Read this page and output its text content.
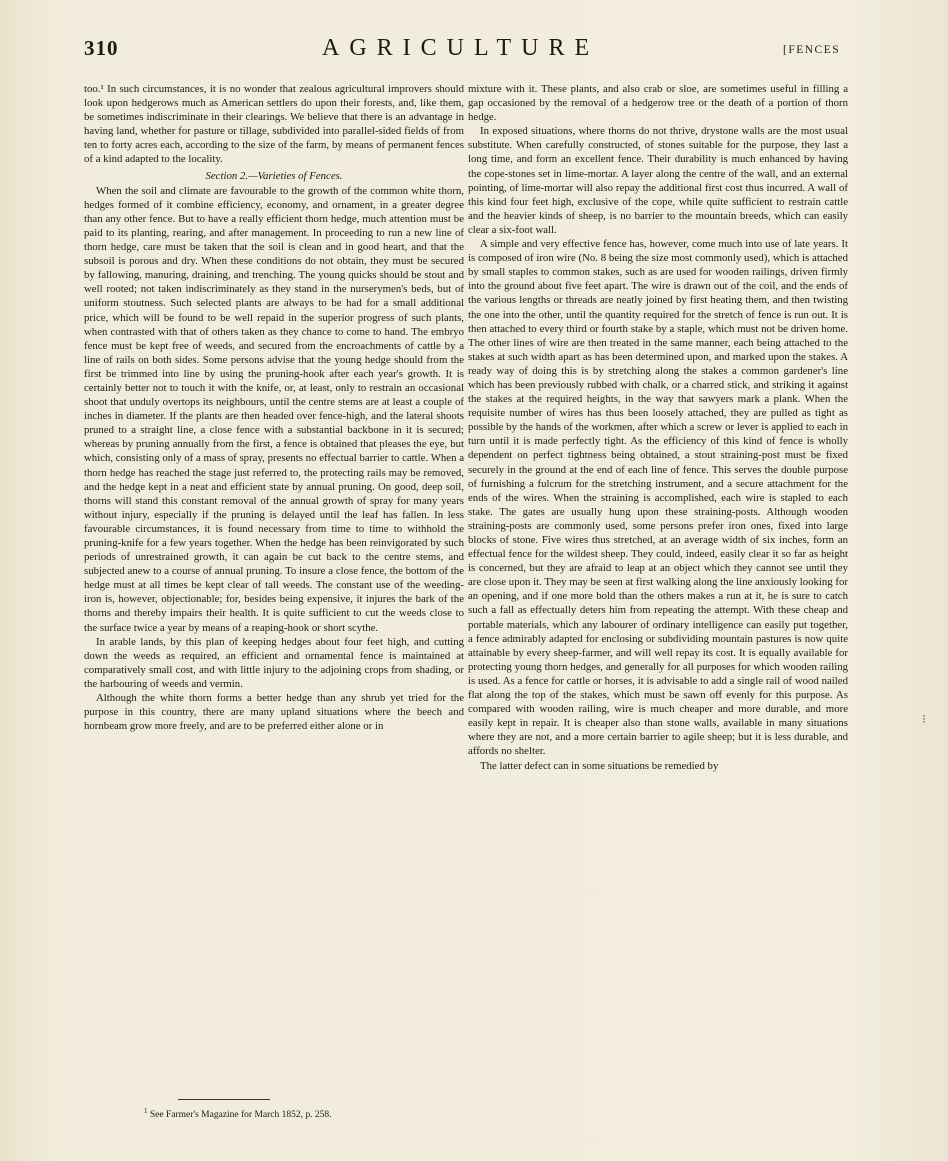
310	AGRICULTURE	[FENCES

too.¹ In such circumstances, it is no wonder that zealous agricultural improvers should look upon hedgerows much as American settlers do upon their forests, and, like them, be sometimes indiscriminate in their clearings. We believe that there is an advantage in having land, whether for pasture or tillage, subdivided into parallel-sided fields of from ten to forty acres each, according to the size of the farm, by means of permanent fences of a kind adapted to the locality.

Section 2.—Varieties of Fences.

When the soil and climate are favourable to the growth of the common white thorn, hedges formed of it combine efficiency, economy, and ornament, in a greater degree than any other fence. But to have a really efficient thorn hedge, much attention must be paid to its planting, rearing, and after management. In proceeding to run a new line of thorn hedge, care must be taken that the soil is clean and in good heart, and that the subsoil is porous and dry. When these conditions do not obtain, they must be secured by fallowing, manuring, draining, and trenching. The young quicks should be stout and well rooted; not taken indiscriminately as they stand in the nurserymen's beds, but of uniform stoutness. Such selected plants are always to be had for a small additional price, which will be found to be well repaid in the superior progress of such plants, when contrasted with that of others taken as they chance to come to hand. The embryo fence must be kept free of weeds, and secured from the encroachments of cattle by a line of rails on both sides. Some persons advise that the young hedge should from the first be trimmed into line by using the pruning-hook after each year's growth. It is certainly better not to touch it with the knife, or, at least, only to restrain an occasional shoot that unduly overtops its neighbours, until the centre stems are at least a couple of inches in diameter. If the plants are then headed over fence-high, and the lateral shoots pruned to a straight line, a close fence with a substantial backbone in it is secured; whereas by pruning annually from the first, a fence is obtained that pleases the eye, but which, consisting only of a mass of spray, presents no effectual barrier to cattle. When a thorn hedge has reached the stage just referred to, the protecting rails may be removed, and the hedge kept in a neat and efficient state by annual pruning. On good, deep soil, thorns will stand this constant removal of the annual growth of spray for many years without injury, especially if the pruning is delayed until the leaf has fallen. In less favourable circumstances, it is found necessary from time to time to withhold the pruning-knife for a few years together. When the hedge has been reinvigorated by such periods of unrestrained growth, it can again be cut back to the centre stems, and subjected anew to a course of annual pruning. To insure a close fence, the bottom of the hedge must at all times be kept clear of tall weeds. The constant use of the weeding-iron is, however, objectionable; for, besides being expensive, it injures the bark of the thorns and thereby impairs their health. It is quite sufficient to cut the weeds close to the surface twice a year by means of a reaping-hook or short scythe.

In arable lands, by this plan of keeping hedges about four feet high, and cutting down the weeds as required, an efficient and ornamental fence is maintained at comparatively small cost, and with little injury to the adjoining crops from shading, or the harbouring of weeds and vermin.

Although the white thorn forms a better hedge than any shrub yet tried for the purpose in this country, there are many upland situations where the beech and hornbeam grow more freely, and are to be preferred either alone or in

mixture with it. These plants, and also crab or sloe, are sometimes useful in filling a gap occasioned by the removal of a hedgerow tree or the death of a portion of thorn hedge.

In exposed situations, where thorns do not thrive, drystone walls are the most usual substitute. When carefully constructed, of stones suitable for the purpose, they last a long time, and form an excellent fence. Their durability is much enhanced by having the cope-stones set in lime-mortar. A layer along the centre of the wall, and an external pointing, of lime-mortar will also repay the additional first cost thus incurred. A wall of this kind four feet high, exclusive of the cope, while quite sufficient to restrain cattle and the heavier kinds of sheep, is no barrier to the mountain breeds, which can easily clear a six-foot wall.

A simple and very effective fence has, however, come much into use of late years. It is composed of iron wire (No. 8 being the size most commonly used), which is attached by small staples to common stakes, such as are used for wooden railings, driven firmly into the ground about five feet apart. The wire is drawn out of the coil, and the ends of the various lengths or threads are neatly joined by first heating them, and then twisting the one into the other, until the quantity required for the stretch of fence is run out. It is then attached to every third or fourth stake by a staple, which must not be driven home. The other lines of wire are then treated in the same manner, each being attached to the stakes at such width apart as has been determined upon, and marked upon the stakes. A ready way of doing this is by stretching along the stakes a common gardener's line which has been previously rubbed with chalk, or a charred stick, and striking it against the stakes at the required heights, in the way that sawyers mark a plank. When the requisite number of wires has thus been loosely attached, they are pulled as tight as possible by the hands of the workmen, after which a screw or lever is applied to each in turn until it is made perfectly tight. As the efficiency of this kind of fence is wholly dependent on perfect tightness being obtained, a stout straining-post must be fixed securely in the ground at the end of each line of fence. This serves the double purpose of furnishing a fulcrum for the stretching instrument, and a secure attachment for the ends of the wires. When the straining is accomplished, each wire is stapled to each stake. The gates are usually hung upon these straining-posts. Although wooden straining-posts are commonly used, some persons prefer iron ones, fixed into large blocks of stone. Five wires thus stretched, at an average width of six inches, form an effectual fence for the wildest sheep. They could, indeed, easily clear it so far as height is concerned, but they are afraid to leap at an object which they cannot see until they are close upon it. They may be seen at first walking along the line anxiously looking for an opening, and if one more bold than the others makes a run at it, he is sure to catch such a fall as effectually deters him from repeating the attempt. With these cheap and portable materials, which any labourer of ordinary intelligence can easily put together, a fence admirably adapted for enclosing or subdividing mountain pastures is now quite attainable by every sheep-farmer, and will well repay its cost. It is equally available for protecting young thorn hedges, and generally for all purposes for which wooden railing is used. As a fence for cattle or horses, it is advisable to add a single rail of wood nailed flat along the top of the stakes, which must be sawn off evenly for this purpose. As compared with wooden railing, wire is much cheaper and more durable, and more easily kept in repair. It is cheaper also than stone walls, available in many situations where they are not, and a more certain barrier to agile sheep; but it is less durable, and affords no shelter.

The latter defect can in some situations be remedied by

⁝
$^1$ See Farmer's Magazine for March 1852, p. 258.
